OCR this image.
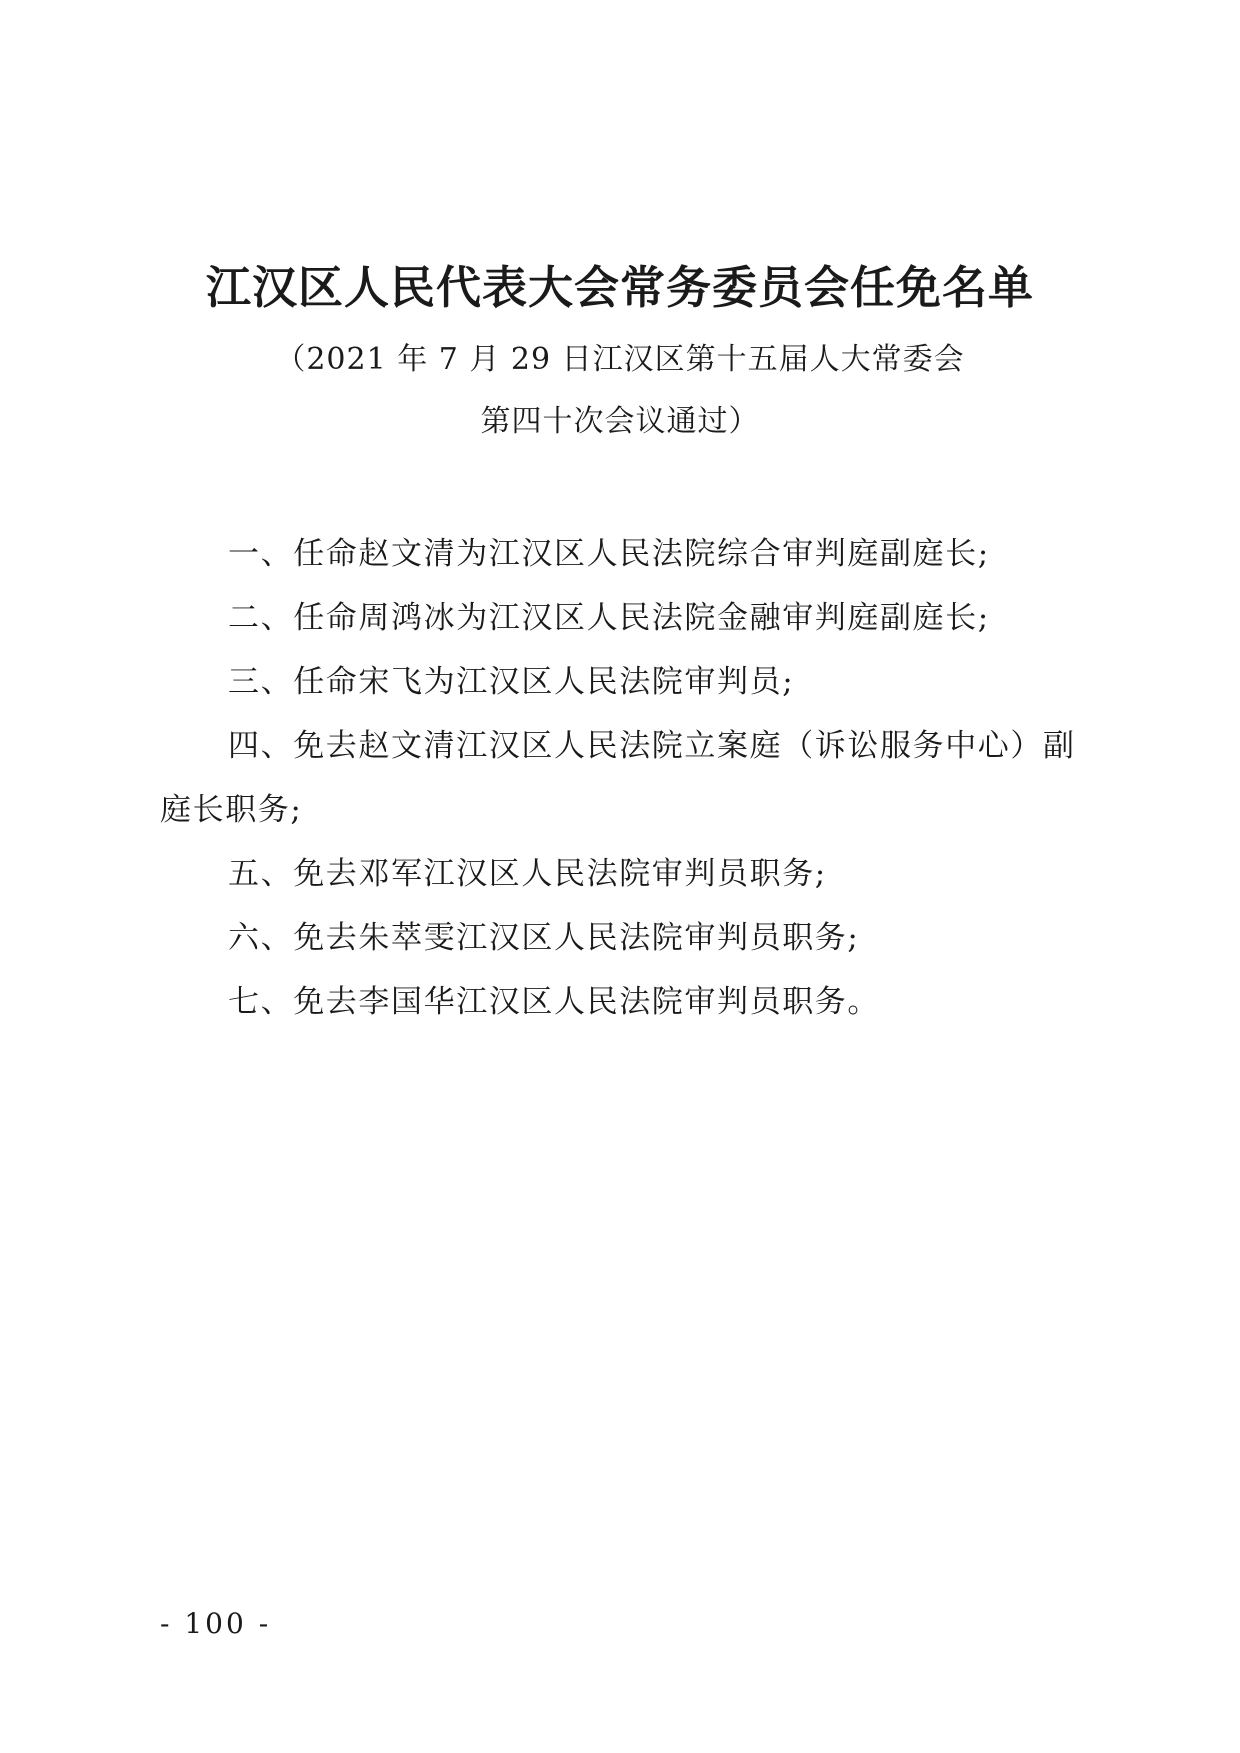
江汉区人民代表大会常务委员会任免名单
（2021 年 7 月 29 日江汉区第十五届人大常委会
第四十次会议通过）
一、任命赵文清为江汉区人民法院综合审判庭副庭长;
二、任命周鸿冰为江汉区人民法院金融审判庭副庭长;
三、任命宋飞为江汉区人民法院审判员;
四、免去赵文清江汉区人民法院立案庭（诉讼服务中心）副庭长职务;
五、免去邓军江汉区人民法院审判员职务;
六、免去朱萃雯江汉区人民法院审判员职务;
七、免去李国华江汉区人民法院审判员职务。
- 100 -
